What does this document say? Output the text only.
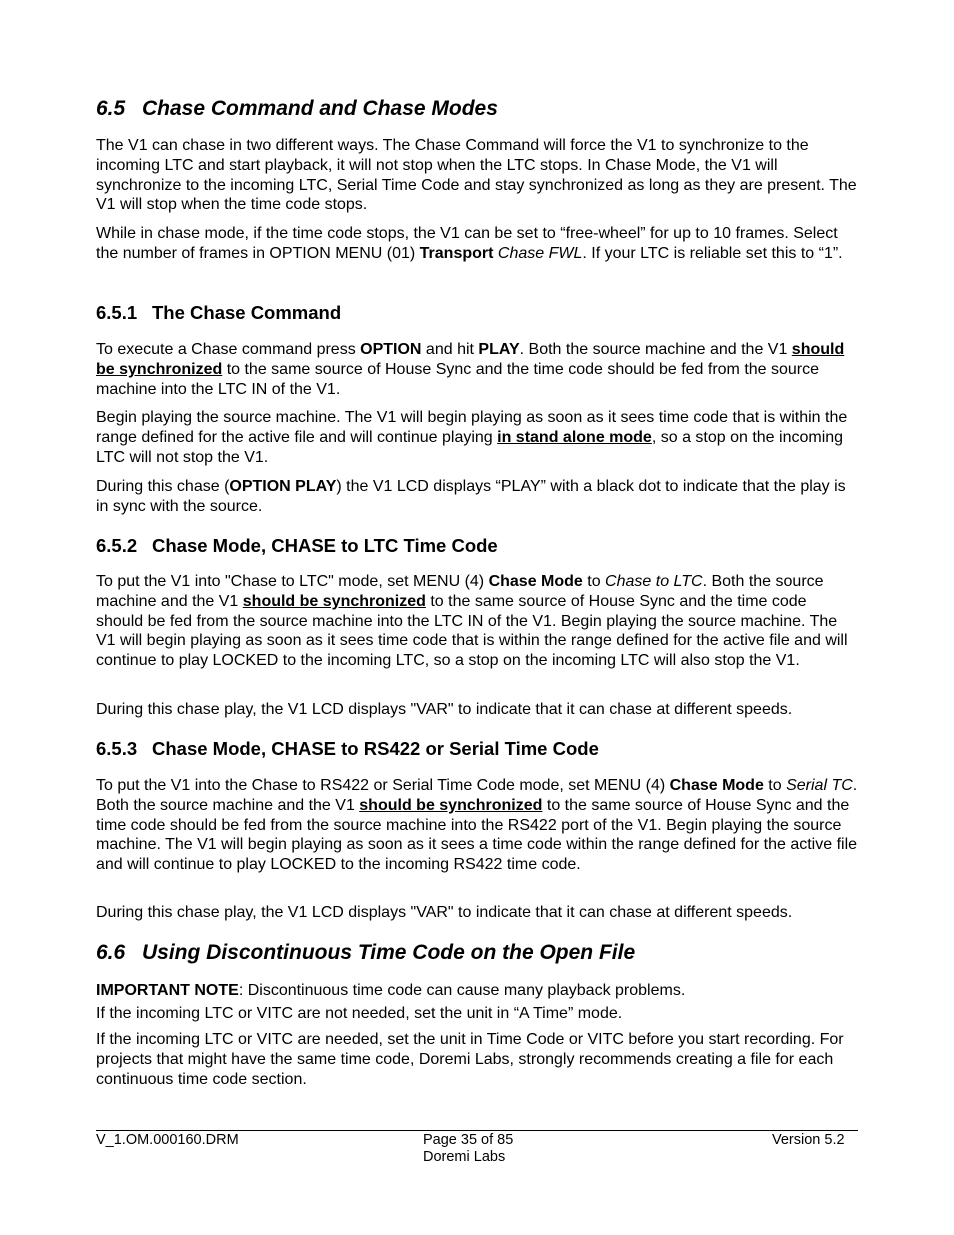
6.5 Chase Command and Chase Modes

The V1 can chase in two different ways. The Chase Command will force the V1 to synchronize to the incoming LTC and start playback, it will not stop when the LTC stops. In Chase Mode, the V1 will synchronize to the incoming LTC, Serial Time Code and stay synchronized as long as they are present. The V1 will stop when the time code stops.

While in chase mode, if the time code stops, the V1 can be set to “free-wheel” for up to 10 frames. Select the number of frames in OPTION MENU (01) Transport Chase FWL. If your LTC is reliable set this to “1”.

6.5.1 The Chase Command

To execute a Chase command press OPTION and hit PLAY. Both the source machine and the V1 should be synchronized to the same source of House Sync and the time code should be fed from the source machine into the LTC IN of the V1.

Begin playing the source machine. The V1 will begin playing as soon as it sees time code that is within the range defined for the active file and will continue playing in stand alone mode, so a stop on the incoming LTC will not stop the V1.

During this chase (OPTION PLAY) the V1 LCD displays “PLAY” with a black dot to indicate that the play is in sync with the source.

6.5.2 Chase Mode, CHASE to LTC Time Code

To put the V1 into "Chase to LTC" mode, set MENU (4) Chase Mode to Chase to LTC. Both the source machine and the V1 should be synchronized to the same source of House Sync and the time code should be fed from the source machine into the LTC IN of the V1. Begin playing the source machine. The V1 will begin playing as soon as it sees time code that is within the range defined for the active file and will continue to play LOCKED to the incoming LTC, so a stop on the incoming LTC will also stop the V1.

During this chase play, the V1 LCD displays "VAR" to indicate that it can chase at different speeds.

6.5.3 Chase Mode, CHASE to RS422 or Serial Time Code

To put the V1 into the Chase to RS422 or Serial Time Code mode, set MENU (4) Chase Mode to Serial TC. Both the source machine and the V1 should be synchronized to the same source of House Sync and the time code should be fed from the source machine into the RS422 port of the V1. Begin playing the source machine. The V1 will begin playing as soon as it sees a time code within the range defined for the active file and will continue to play LOCKED to the incoming RS422 time code.

During this chase play, the V1 LCD displays "VAR" to indicate that it can chase at different speeds.

6.6 Using Discontinuous Time Code on the Open File

IMPORTANT NOTE: Discontinuous time code can cause many playback problems.

If the incoming LTC or VITC are not needed, set the unit in “A Time” mode.

If the incoming LTC or VITC are needed, set the unit in Time Code or VITC before you start recording. For projects that might have the same time code, Doremi Labs, strongly recommends creating a file for each continuous time code section.

V_1.OM.000160.DRM	Page 35 of 85
Doremi Labs
Version 5.2
